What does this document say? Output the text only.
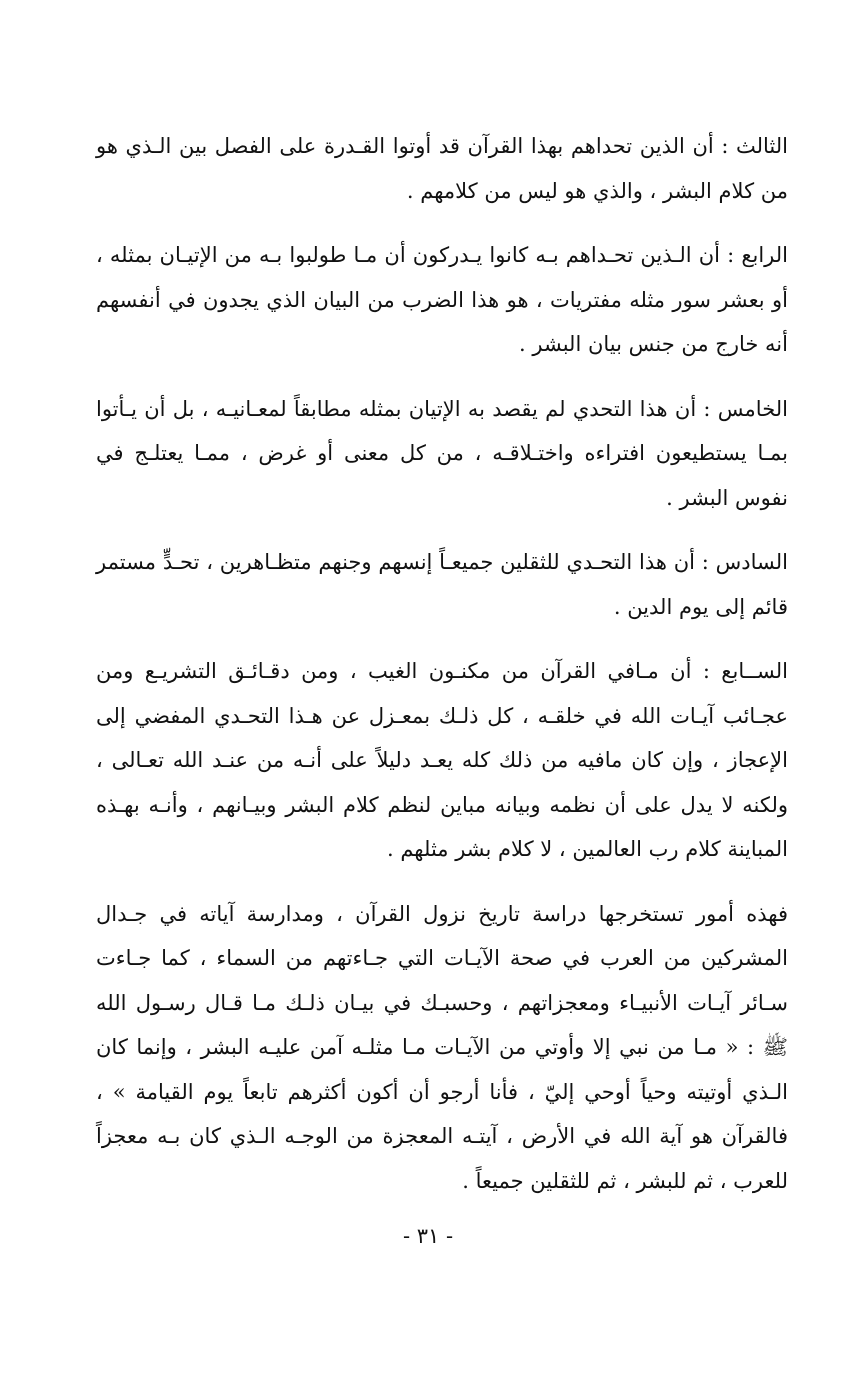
الثالث : أن الذين تحداهم بهذا القرآن قد أوتوا القـدرة على الفصل بين الـذي هو من كلام البشر ، والذي هو ليس من كلامهم .

الرابع : أن الـذين تحـداهم بـه كانوا يـدركون أن مـا طولبوا بـه من الإتيـان بمثله ، أو بعشر سور مثله مفتريات ، هو هذا الضرب من البيان الذي يجدون في أنفسهم أنه خارج من جنس بيان البشر .

الخامس : أن هذا التحدي لم يقصد به الإتيان بمثله مطابقاً لمعـانيـه ، بل أن يـأتوا بمـا يستطيعون افتراءه واختـلاقـه ، من كل معنى أو غرض ، ممـا يعتلـج في نفوس البشر .

السادس : أن هذا التحـدي للثقلين جميعـاً إنسهم وجنهم متظـاهرين ، تحـدٍّ مستمر قائم إلى يوم الدين .

الســابع : أن مـافي القرآن من مكنـون الغيب ، ومن دقـائـق التشريـع ومن عجـائب آيـات الله في خلقـه ، كل ذلـك بمعـزل عن هـذا التحـدي المفضي إلى الإعجاز ، وإن كان مافيه من ذلك كله يعـد دليلاً على أنـه من عنـد الله تعـالى ، ولكنه لا يدل على أن نظمه وبيانه مباين لنظم كلام البشر وبيـانهم ، وأنـه بهـذه المباينة كلام رب العالمين ، لا كلام بشر مثلهم .

فهذه أمور تستخرجها دراسة تاريخ نزول القرآن ، ومدارسة آياته في جـدال المشركين من العرب في صحة الآيـات التي جـاءتهم من السماء ، كما جـاءت سـائر آيـات الأنبيـاء ومعجزاتهم ، وحسبـك في بيـان ذلـك مـا قـال رسـول الله ﷺ : « مـا من نبي إلا وأوتي من الآيـات مـا مثلـه آمن عليـه البشر ، وإنما كان الـذي أوتيته وحياً أوحي إليّ ، فأنا أرجو أن أكون أكثرهم تابعاً يوم القيامة » ، فالقرآن هو آية الله في الأرض ، آيتـه المعجزة من الوجـه الـذي كان بـه معجزاً للعرب ، ثم للبشر ، ثم للثقلين جميعاً .

- ٣١ -
